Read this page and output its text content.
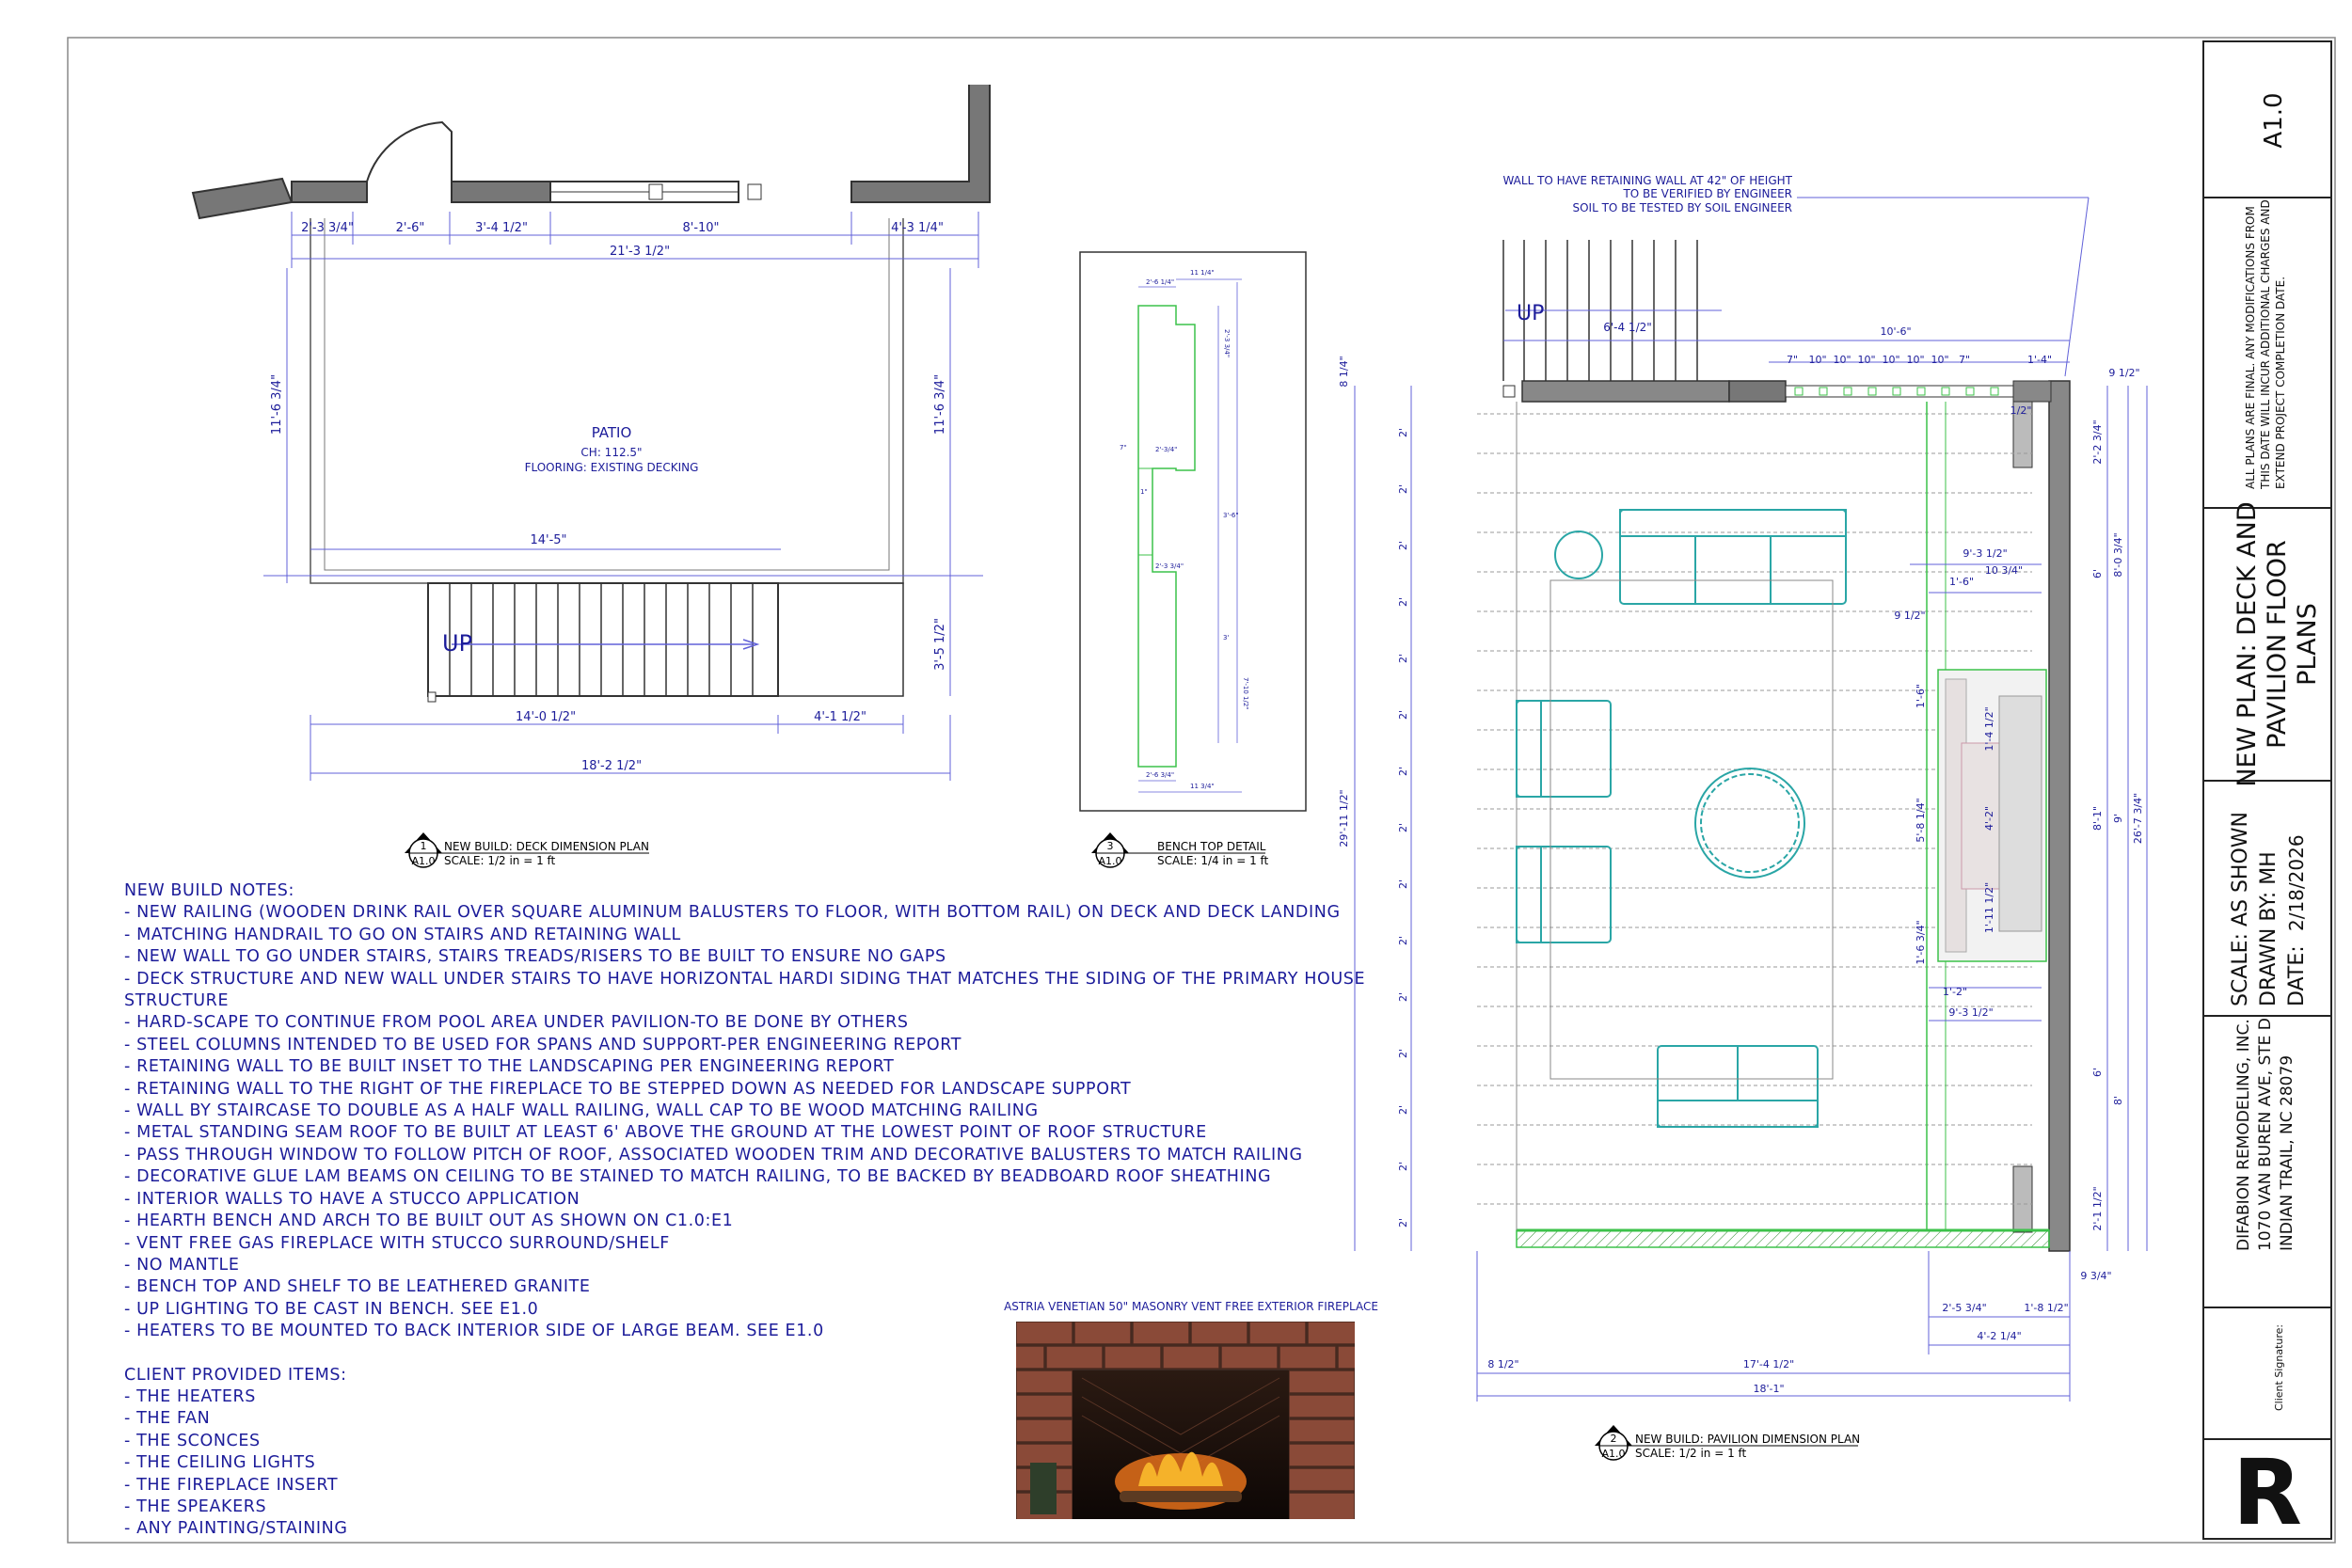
A1.0
ALL PLANS ARE FINAL. ANY MODIFICATIONS FROM THIS DATE WILL INCUR ADDITIONAL CHARGES AND EXTEND PROJECT COMPLETION DATE.
NEW PLAN: DECK AND PAVILION FLOOR PLANS
SCALE: AS SHOWN DRAWN BY: MH DATE:
2/18/2026
DIFABION REMODELING, INC. 1070 VAN BUREN AVE, STE D INDIAN TRAIL, NC 28079
Client Signature:
R
UP
2'-3 3/4"	2'-6"	3'-4 1/2"	8'-10"	4'-3 1/4"
21'-3 1/2"
11'-6 3/4"	11'-6 3/4"
3'-5 1/2"
14'-5"
14'-0 1/2"	4'-1 1/2"
18'-2 1/2"
PATIO
CH: 112.5"
FLOORING: EXISTING DECKING
1
A1.0
NEW BUILD: DECK DIMENSION PLAN
SCALE: 1/2 in = 1 ft
2'-6 1/4"
11 1/4"
2'-3 3/4"
7"	2'-3/4"
1"
3'-6"
2'-3 3/4"
3'
7'-10 1/2"
2'-6 3/4"
11 3/4"
3
A1.0
BENCH TOP DETAIL
SCALE: 1/4 in = 1 ft
WALL TO HAVE RETAINING WALL AT 42" OF HEIGHT
TO BE VERIFIED BY ENGINEER
SOIL TO BE TESTED BY SOIL ENGINEER
UP
6'-4 1/2"	10'-6"
7" 10" 10" 10" 10" 10" 10" 7"	1'-4"
1/2"
9'-3 1/2"
10 3/4"
1'-6"
9 1/2"
1'-2"
9'-3 1/2"
9 3/4"
2'-5 3/4"	1'-8 1/2"
4'-2 1/4"
8 1/2"	17'-4 1/2"
18'-1"
9 1/2"
8 1/4"
29'-11 1/2"
1'-6"
5'-8 1/4"
1'-6 3/4"
1'-4 1/2"
4'-2"
1'-11 1/2"
2'-2 3/4"
6'
8'-1"
6'
2'-1 1/2"
8'-0 3/4"
9'
8'
26'-7 3/4"
2'
2'
2'
2'
2'
2'
2'
2'
2'
2'
2'
2'
2'
2'
2'
2
A1.0
NEW BUILD: PAVILION DIMENSION PLAN
SCALE: 1/2 in = 1 ft
ASTRIA VENETIAN 50" MASONRY VENT FREE EXTERIOR FIREPLACE
NEW BUILD NOTES:
- NEW RAILING (WOODEN DRINK RAIL OVER SQUARE ALUMINUM BALUSTERS TO FLOOR, WITH BOTTOM RAIL) ON DECK AND DECK LANDING
- MATCHING HANDRAIL TO GO ON STAIRS AND RETAINING WALL
- NEW WALL TO GO UNDER STAIRS, STAIRS TREADS/RISERS TO BE BUILT TO ENSURE NO GAPS
- DECK STRUCTURE AND NEW WALL UNDER STAIRS TO HAVE HORIZONTAL HARDI SIDING THAT MATCHES THE SIDING OF THE PRIMARY HOUSE STRUCTURE
- HARD-SCAPE TO CONTINUE FROM POOL AREA UNDER PAVILION-TO BE DONE BY OTHERS
- STEEL COLUMNS INTENDED TO BE USED FOR SPANS AND SUPPORT-PER ENGINEERING REPORT
- RETAINING WALL TO BE BUILT INSET TO THE LANDSCAPING PER ENGINEERING REPORT
- RETAINING WALL TO THE RIGHT OF THE FIREPLACE TO BE STEPPED DOWN AS NEEDED FOR LANDSCAPE SUPPORT
- WALL BY STAIRCASE TO DOUBLE AS A HALF WALL RAILING, WALL CAP TO BE WOOD MATCHING RAILING
- METAL STANDING SEAM ROOF TO BE BUILT AT LEAST 6' ABOVE THE GROUND AT THE LOWEST POINT OF ROOF STRUCTURE
- PASS THROUGH WINDOW TO FOLLOW PITCH OF ROOF, ASSOCIATED WOODEN TRIM AND DECORATIVE BALUSTERS TO MATCH RAILING
- DECORATIVE GLUE LAM BEAMS ON CEILING TO BE STAINED TO MATCH RAILING, TO BE BACKED BY BEADBOARD ROOF SHEATHING
- INTERIOR WALLS TO HAVE A STUCCO APPLICATION
- HEARTH BENCH AND ARCH TO BE BUILT OUT AS SHOWN ON C1.0:E1
- VENT FREE GAS FIREPLACE WITH STUCCO SURROUND/SHELF
- NO MANTLE
- BENCH TOP AND SHELF TO BE LEATHERED GRANITE
- UP LIGHTING TO BE CAST IN BENCH. SEE E1.0
- HEATERS TO BE MOUNTED TO BACK INTERIOR SIDE OF LARGE BEAM. SEE E1.0
CLIENT PROVIDED ITEMS:
- THE HEATERS
- THE FAN
- THE SCONCES
- THE CEILING LIGHTS
- THE FIREPLACE INSERT
- THE SPEAKERS
- ANY PAINTING/STAINING
